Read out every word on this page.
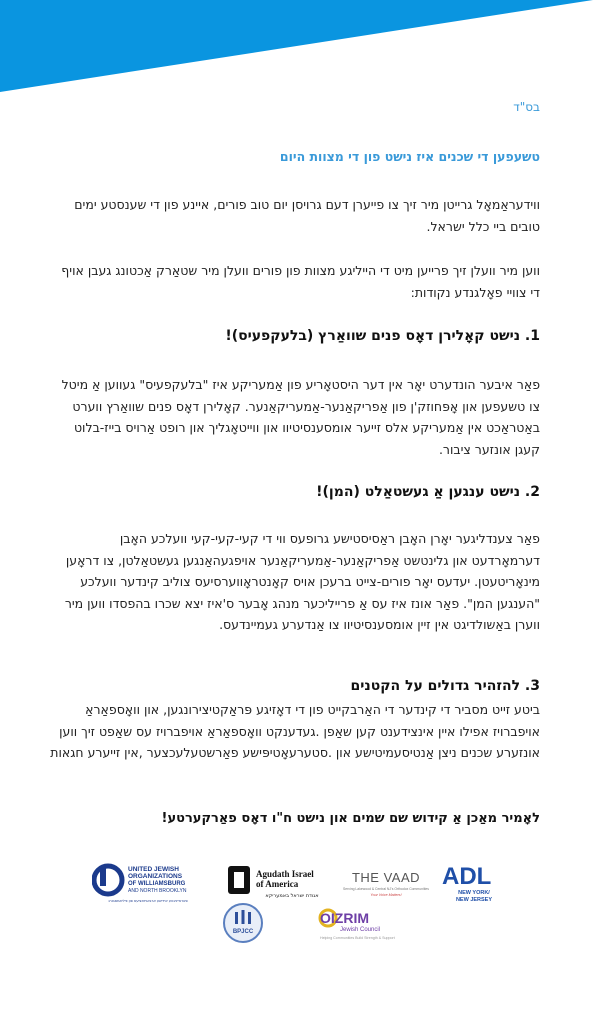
בס"ד
טשעפען די שכנים איז נישט פון די מצוות היום
ווידעראַמאָל גרייטן מיר זיך צו פייערן דעם גרויסן יום טוב פורים, איינע פון די שענסטע ימים טובים ביי כלל ישראל.
ווען מיר וועלן זיך פרייען מיט די הייליגע מצוות פון פורים וועלן מיר שטאַרק אַכטונג געבן אויף די צוויי פאָלגנדע נקודות:
1. נישט קאָלירן דאָס פנים שוואַרץ (בלעקפעיס)!
פאַר איבער הונדערט יאָר אין דער היסטאָריע פון אַמעריקע איז "בלעקפעיס" געווען אַ מיטל צו טשעפען און אָפּחוזק'ן פון אַפריקאַנער-אַמעריקאַנער. קאָלירן דאָס פנים שוואַרץ ווערט באַטראַכט אין אַמעריקע אלס זייער אומסענסיטיוו און ווייטאָגליך און רופט אַרויס בייז-בלוט קעגן אונזער ציבור.
2. נישט ענגען אַ געשטאַלט (המן)!
פאַר צענדליגער יאָרן האָבן ראַסיסטישע גרופעס ווי די קעי-קעי-קעי וועלכע האָבן דערמאָרדעט און גלינטשט אַפריקאַנער-אַמעריקאַנער אויפגעהאַנגען געשטאַלטן, צו דראָען מינאָריטעטן. יעדעס יאָר פורים-צייט ברעכן אויס קאָנטראָווערסיעס צוליב קינדער וועלכע "הענגען המן". פאַר אונז איז עס אַ פרייליכער מנהג אָבער ס'איז יצא שכרו בהפסדו ווען מיר ווערן באַשולדיגט אין זיין אומסענסיטיוו צו אַנדערע געמיינדעס.
3. להזהיר גדולים על הקטנים
ביטע זייט מסביר די קינדער די האַרבקייט פון די דאָזיגע פּראַקטיצירונגען, און וואָספאַראַ אויפברויז אפילו איין אינצידענט קען שאַפן .געדענקט וואָספאַראַ אויפברויז עס שאַפט זיך ווען אונזערע שכנים ניצן אַנטיסעמיטישע און .סטערעאָטיפּישע פאַרשטעלעכצער ,אין זייערע חגאות
לאָמיר מאַכן אַ קידוש שם שמים און נישט ח"ו דאָס פאַרקערטע!
UNITED JEWISH
ORGANIZATIONS
OF WILLIAMSBURG
AND NORTH BROOKLYN
פאראייניגטע אידישע ארגאניזאציעס פון וויליאמסבורג
Agudath Israel
of America
אגודת ישראל באמעריקא
THE VAAD
Serving Lakewood & Central NJ's Orthodox Communities
Your Voice Matters!
ADL
NEW YORK/
NEW JERSEY
BPJCC
OIZRIM
Jewish Council
Helping Communities Build Strength & Support
